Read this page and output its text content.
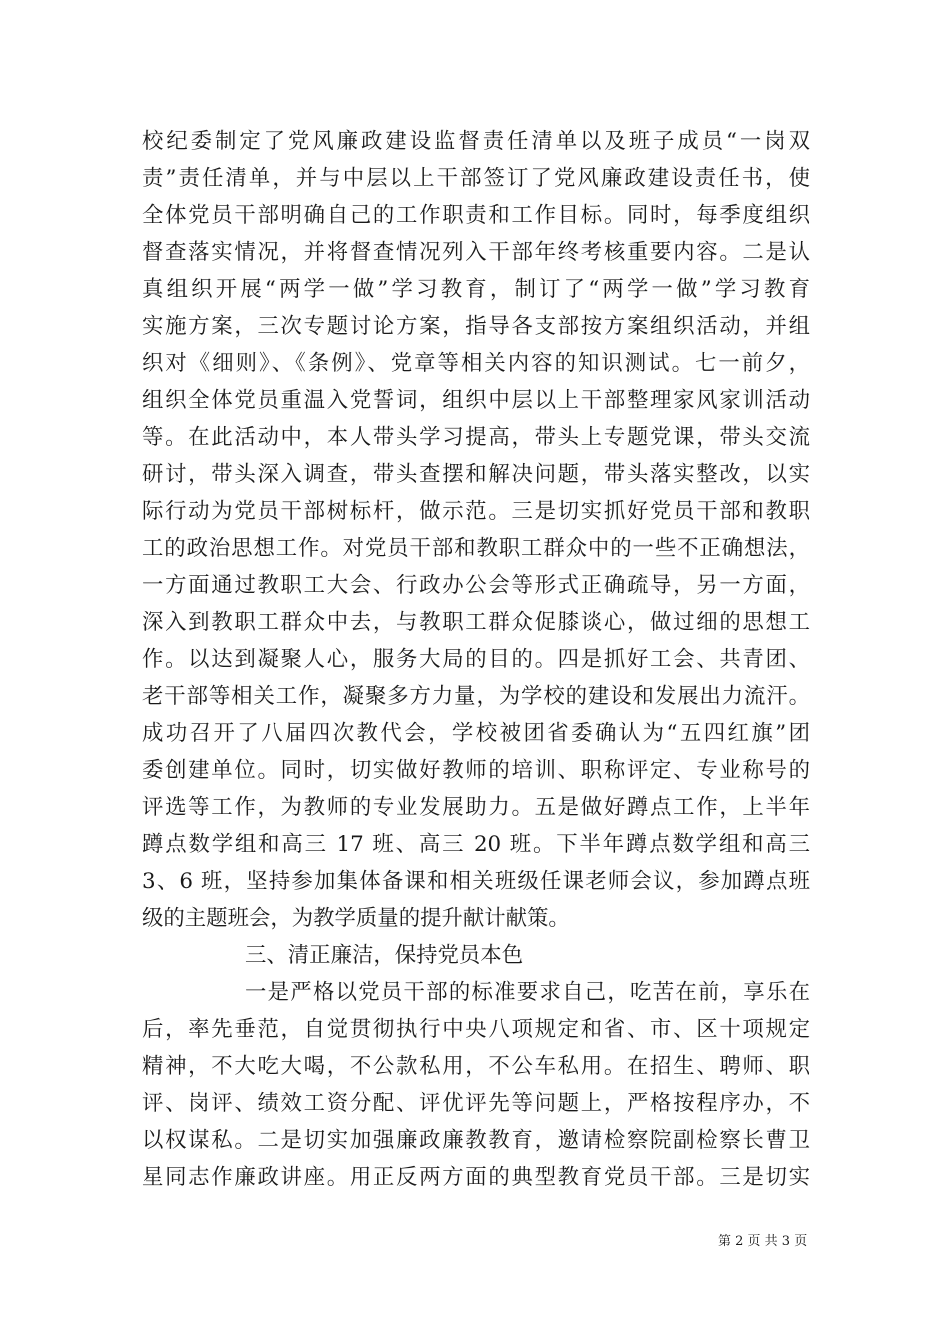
校纪委制定了党风廉政建设监督责任清单以及班子成员“一岗双
责”责任清单，并与中层以上干部签订了党风廉政建设责任书，使
全体党员干部明确自己的工作职责和工作目标。同时，每季度组织
督查落实情况，并将督查情况列入干部年终考核重要内容。二是认
真组织开展“两学一做”学习教育，制订了“两学一做”学习教育
实施方案，三次专题讨论方案，指导各支部按方案组织活动，并组
织对《细则》、《条例》、党章等相关内容的知识测试。七一前夕，
组织全体党员重温入党誓词，组织中层以上干部整理家风家训活动
等。在此活动中，本人带头学习提高，带头上专题党课，带头交流
研讨，带头深入调查，带头查摆和解决问题，带头落实整改，以实
际行动为党员干部树标杆，做示范。三是切实抓好党员干部和教职
工的政治思想工作。对党员干部和教职工群众中的一些不正确想法，
一方面通过教职工大会、行政办公会等形式正确疏导，另一方面，
深入到教职工群众中去，与教职工群众促膝谈心，做过细的思想工
作。以达到凝聚人心，服务大局的目的。四是抓好工会、共青团、
老干部等相关工作，凝聚多方力量，为学校的建设和发展出力流汗。
成功召开了八届四次教代会，学校被团省委确认为“五四红旗”团
委创建单位。同时，切实做好教师的培训、职称评定、专业称号的
评选等工作，为教师的专业发展助力。五是做好蹲点工作，上半年
蹲点数学组和高三 17 班、高三 20 班。下半年蹲点数学组和高三
3、6 班，坚持参加集体备课和相关班级任课老师会议，参加蹲点班
级的主题班会，为教学质量的提升献计献策。
三、清正廉洁，保持党员本色
一是严格以党员干部的标准要求自己，吃苦在前，享乐在
后，率先垂范，自觉贯彻执行中央八项规定和省、市、区十项规定
精神，不大吃大喝，不公款私用，不公车私用。在招生、聘师、职
评、岗评、绩效工资分配、评优评先等问题上，严格按程序办，不
以权谋私。二是切实加强廉政廉教教育，邀请检察院副检察长曹卫
星同志作廉政讲座。用正反两方面的典型教育党员干部。三是切实
第 2 页 共 3 页
